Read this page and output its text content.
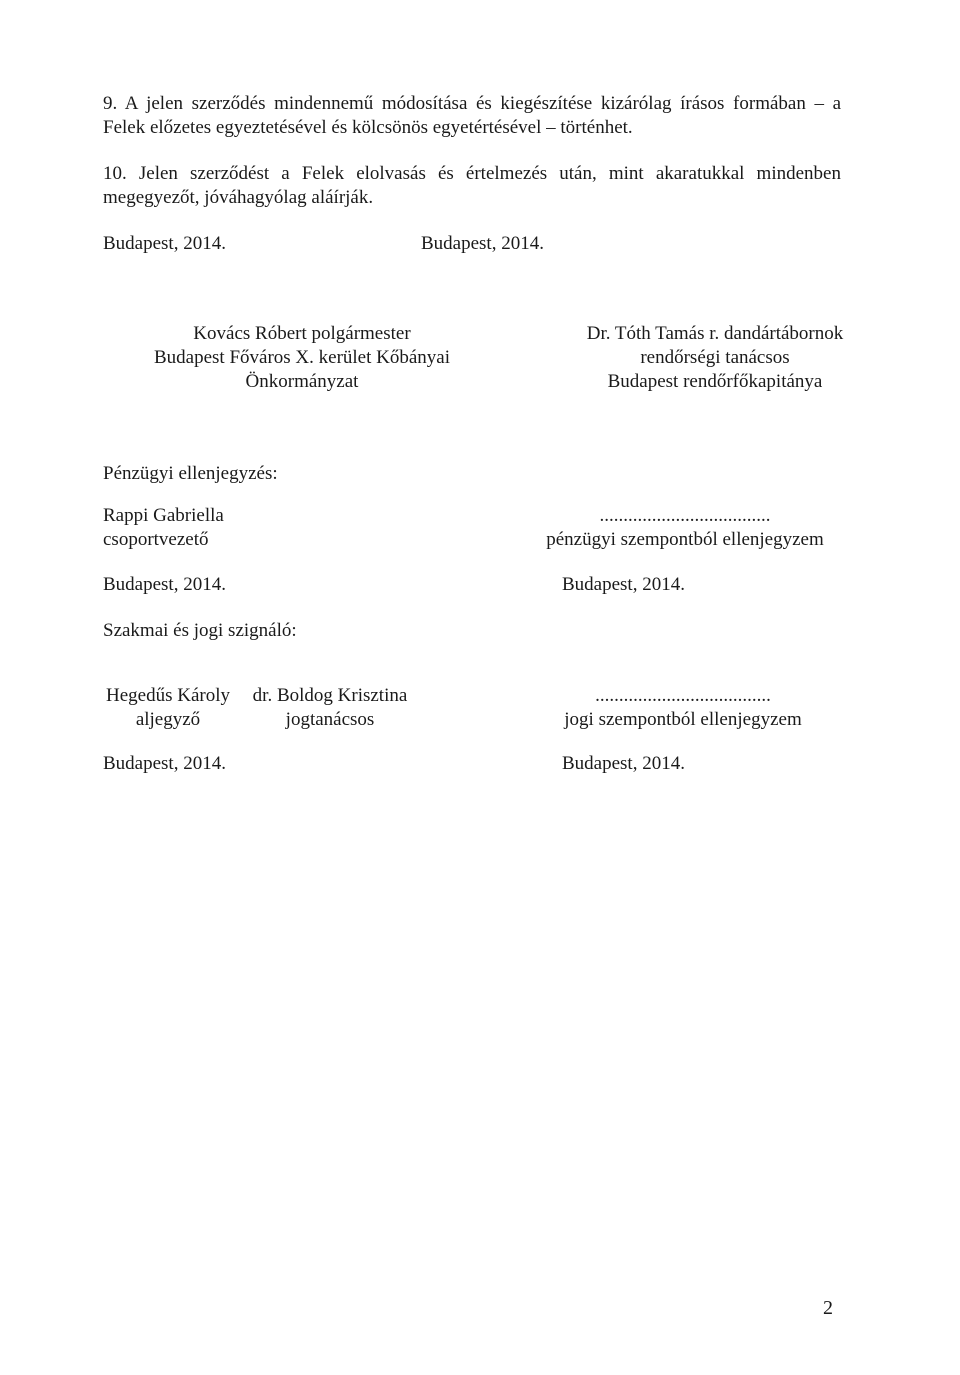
9. A jelen szerződés mindennemű módosítása és kiegészítése kizárólag írásos formában – a
Felek előzetes egyeztetésével és kölcsönös egyetértésével – történhet.
10. Jelen szerződést a Felek elolvasás és értelmezés után, mint akaratukkal mindenben
megegyezőt, jóváhagyólag aláírják.
Budapest, 2014.	Budapest, 2014.
Kovács Róbert polgármester
Budapest Főváros X. kerület Kőbányai
Önkormányzat
Dr. Tóth Tamás r. dandártábornok
rendőrségi tanácsos
Budapest rendőrfőkapitánya
Pénzügyi ellenjegyzés:
Rappi Gabriella
csoportvezető
....................................
pénzügyi szempontból ellenjegyzem
Budapest, 2014.	Budapest, 2014.
Szakmai és jogi szignáló:
Hegedűs Károly
aljegyző
dr. Boldog Krisztina
jogtanácsos
.....................................
jogi szempontból ellenjegyzem
Budapest, 2014.	Budapest, 2014.
2
